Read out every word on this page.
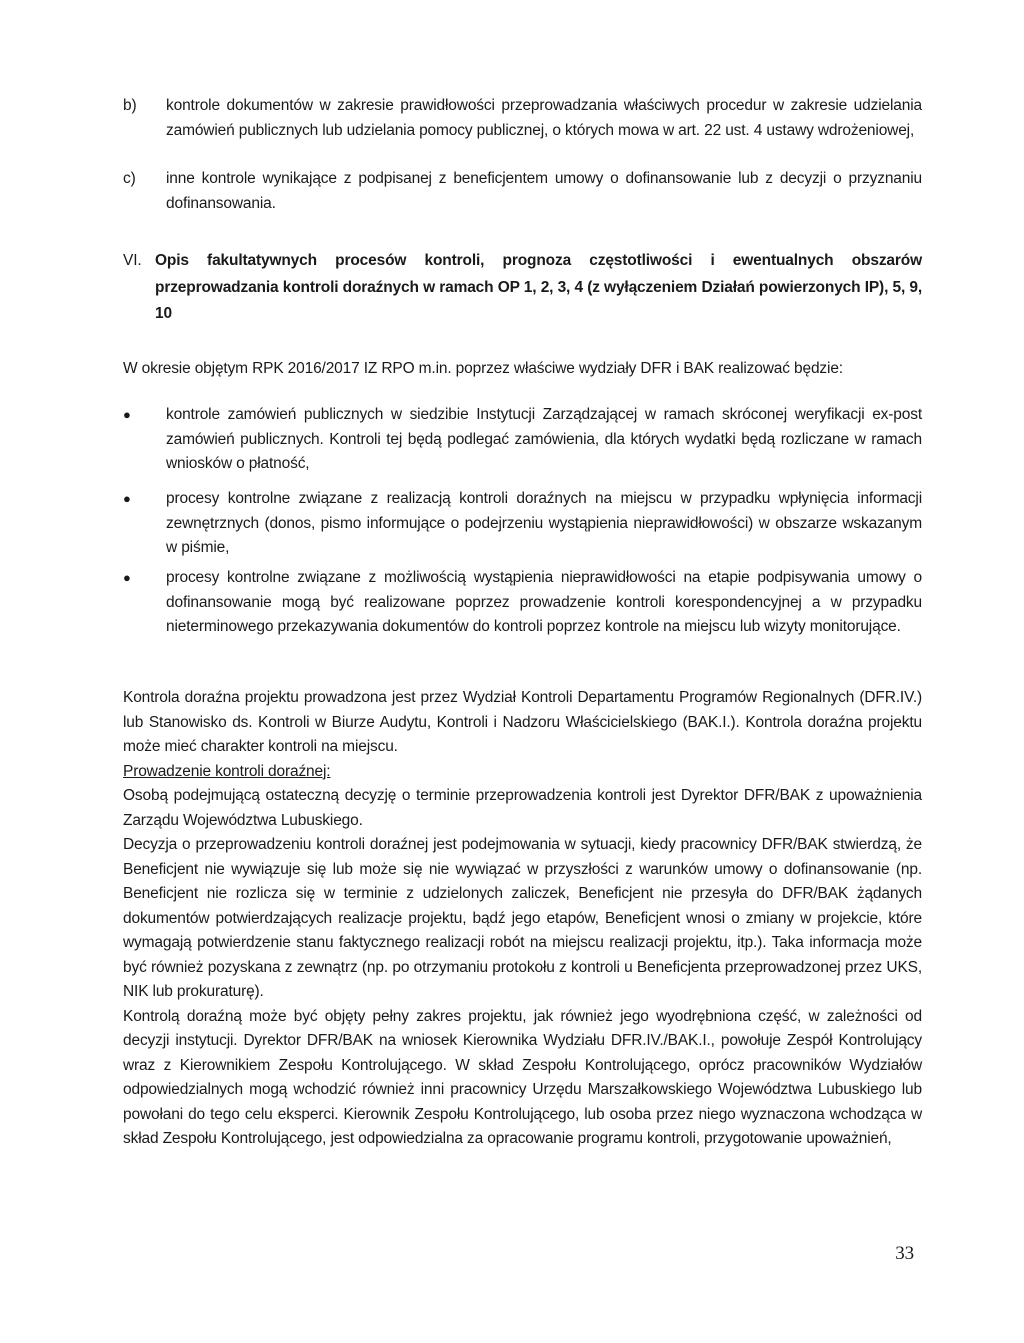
b) kontrole dokumentów w zakresie prawidłowości przeprowadzania właściwych procedur w zakresie udzielania zamówień publicznych lub udzielania pomocy publicznej, o których mowa w art. 22 ust. 4 ustawy wdrożeniowej,

c) inne kontrole wynikające z podpisanej z beneficjentem umowy o dofinansowanie lub z decyzji o przyznaniu dofinansowania.

VI. Opis fakultatywnych procesów kontroli, prognoza częstotliwości i ewentualnych obszarów przeprowadzania kontroli doraźnych w ramach OP 1, 2, 3, 4 (z wyłączeniem Działań powierzonych IP), 5, 9, 10

W okresie objętym RPK 2016/2017 IZ RPO m.in. poprzez właściwe wydziały DFR i BAK realizować będzie:

● kontrole zamówień publicznych w siedzibie Instytucji Zarządzającej w ramach skróconej weryfikacji ex-post zamówień publicznych. Kontroli tej będą podlegać zamówienia, dla których wydatki będą rozliczane w ramach wniosków o płatność,

● procesy kontrolne związane z realizacją kontroli doraźnych na miejscu w przypadku wpłynięcia informacji zewnętrznych (donos, pismo informujące o podejrzeniu wystąpienia nieprawidłowości) w obszarze wskazanym w piśmie,

● procesy kontrolne związane z możliwością wystąpienia nieprawidłowości na etapie podpisywania umowy o dofinansowanie mogą być realizowane poprzez prowadzenie kontroli korespondencyjnej a w przypadku nieterminowego przekazywania dokumentów do kontroli poprzez kontrole na miejscu lub wizyty monitorujące.

Kontrola doraźna projektu prowadzona jest przez Wydział Kontroli Departamentu Programów Regionalnych (DFR.IV.) lub Stanowisko ds. Kontroli w Biurze Audytu, Kontroli i Nadzoru Właścicielskiego (BAK.I.). Kontrola doraźna projektu może mieć charakter kontroli na miejscu.

Prowadzenie kontroli doraźnej:

Osobą podejmującą ostateczną decyzję o terminie przeprowadzenia kontroli jest Dyrektor DFR/BAK z upoważnienia Zarządu Województwa Lubuskiego.

Decyzja o przeprowadzeniu kontroli doraźnej jest podejmowania w sytuacji, kiedy pracownicy DFR/BAK stwierdzą, że Beneficjent nie wywiązuje się lub może się nie wywiązać w przyszłości z warunków umowy o dofinansowanie (np. Beneficjent nie rozlicza się w terminie z udzielonych zaliczek, Beneficjent nie przesyła do DFR/BAK żądanych dokumentów potwierdzających realizacje projektu, bądź jego etapów, Beneficjent wnosi o zmiany w projekcie, które wymagają potwierdzenie stanu faktycznego realizacji robót na miejscu realizacji projektu, itp.). Taka informacja może być również pozyskana z zewnątrz (np. po otrzymaniu protokołu z kontroli u Beneficjenta przeprowadzonej przez UKS, NIK lub prokuraturę).

Kontrolą doraźną może być objęty pełny zakres projektu, jak również jego wyodrębniona część, w zależności od decyzji instytucji. Dyrektor DFR/BAK na wniosek Kierownika Wydziału DFR.IV./BAK.I., powołuje Zespół Kontrolujący wraz z Kierownikiem Zespołu Kontrolującego. W skład Zespołu Kontrolującego, oprócz pracowników Wydziałów odpowiedzialnych mogą wchodzić również inni pracownicy Urzędu Marszałkowskiego Województwa Lubuskiego lub powołani do tego celu eksperci. Kierownik Zespołu Kontrolującego, lub osoba przez niego wyznaczona wchodząca w skład Zespołu Kontrolującego, jest odpowiedzialna za opracowanie programu kontroli, przygotowanie upoważnień,

33
